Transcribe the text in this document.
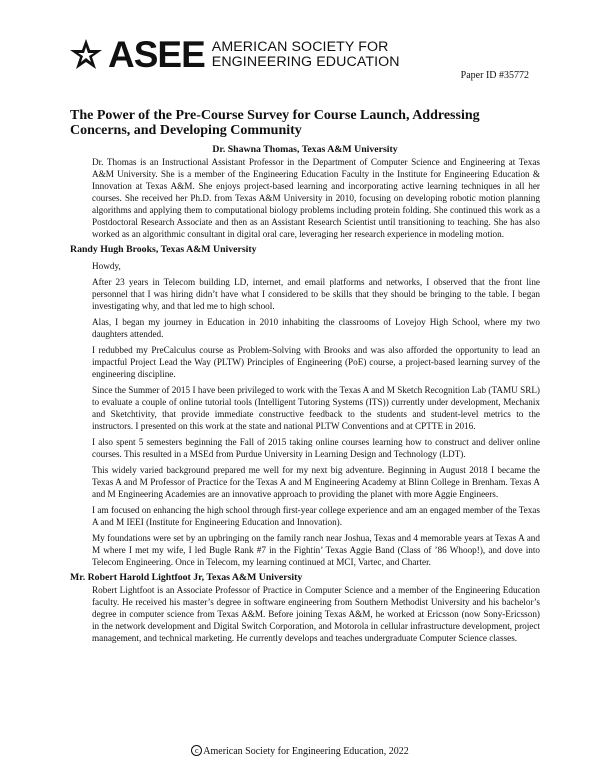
ASEE AMERICAN SOCIETY FOR
ENGINEERING EDUCATION
Paper ID #35772
The Power of the Pre-Course Survey for Course Launch, Addressing Concerns, and Developing Community
Dr. Shawna Thomas, Texas A&M University

Dr. Thomas is an Instructional Assistant Professor in the Department of Computer Science and Engineering at Texas A&M University. She is a member of the Engineering Education Faculty in the Institute for Engineering Education & Innovation at Texas A&M. She enjoys project-based learning and incorporating active learning techniques in all her courses. She received her Ph.D. from Texas A&M University in 2010, focusing on developing robotic motion planning algorithms and applying them to computational biology problems including protein folding. She continued this work as a Postdoctoral Research Associate and then as an Assistant Research Scientist until transitioning to teaching. She has also worked as an algorithmic consultant in digital oral care, leveraging her research experience in modeling motion.

Randy Hugh Brooks, Texas A&M University

Howdy,

After 23 years in Telecom building LD, internet, and email platforms and networks, I observed that the front line personnel that I was hiring didn’t have what I considered to be skills that they should be bringing to the table. I began investigating why, and that led me to high school.

Alas, I began my journey in Education in 2010 inhabiting the classrooms of Lovejoy High School, where my two daughters attended.

I redubbed my PreCalculus course as Problem-Solving with Brooks and was also afforded the opportunity to lead an impactful Project Lead the Way (PLTW) Principles of Engineering (PoE) course, a project-based learning survey of the engineering discipline.

Since the Summer of 2015 I have been privileged to work with the Texas A and M Sketch Recognition Lab (TAMU SRL) to evaluate a couple of online tutorial tools (Intelligent Tutoring Systems (ITS)) currently under development, Mechanix and Sketchtivity, that provide immediate constructive feedback to the students and student-level metrics to the instructors. I presented on this work at the state and national PLTW Conventions and at CPTTE in 2016.

I also spent 5 semesters beginning the Fall of 2015 taking online courses learning how to construct and deliver online courses. This resulted in a MSEd from Purdue University in Learning Design and Technology (LDT).

This widely varied background prepared me well for my next big adventure. Beginning in August 2018 I became the Texas A and M Professor of Practice for the Texas A and M Engineering Academy at Blinn College in Brenham. Texas A and M Engineering Academies are an innovative approach to providing the planet with more Aggie Engineers.

I am focused on enhancing the high school through first-year college experience and am an engaged member of the Texas A and M IEEI (Institute for Engineering Education and Innovation).

My foundations were set by an upbringing on the family ranch near Joshua, Texas and 4 memorable years at Texas A and M where I met my wife, I led Bugle Rank #7 in the Fightin’ Texas Aggie Band (Class of ’86 Whoop!), and dove into Telecom Engineering. Once in Telecom, my learning continued at MCI, Vartec, and Charter.

Mr. Robert Harold Lightfoot Jr, Texas A&M University

Robert Lightfoot is an Associate Professor of Practice in Computer Science and a member of the Engineering Education faculty. He received his master’s degree in software engineering from Southern Methodist University and his bachelor’s degree in computer science from Texas A&M. Before joining Texas A&M, he worked at Ericsson (now Sony-Ericsson) in the network development and Digital Switch Corporation, and Motorola in cellular infrastructure development, project management, and technical marketing. He currently develops and teaches undergraduate Computer Science classes.

c American Society for Engineering Education, 2022
